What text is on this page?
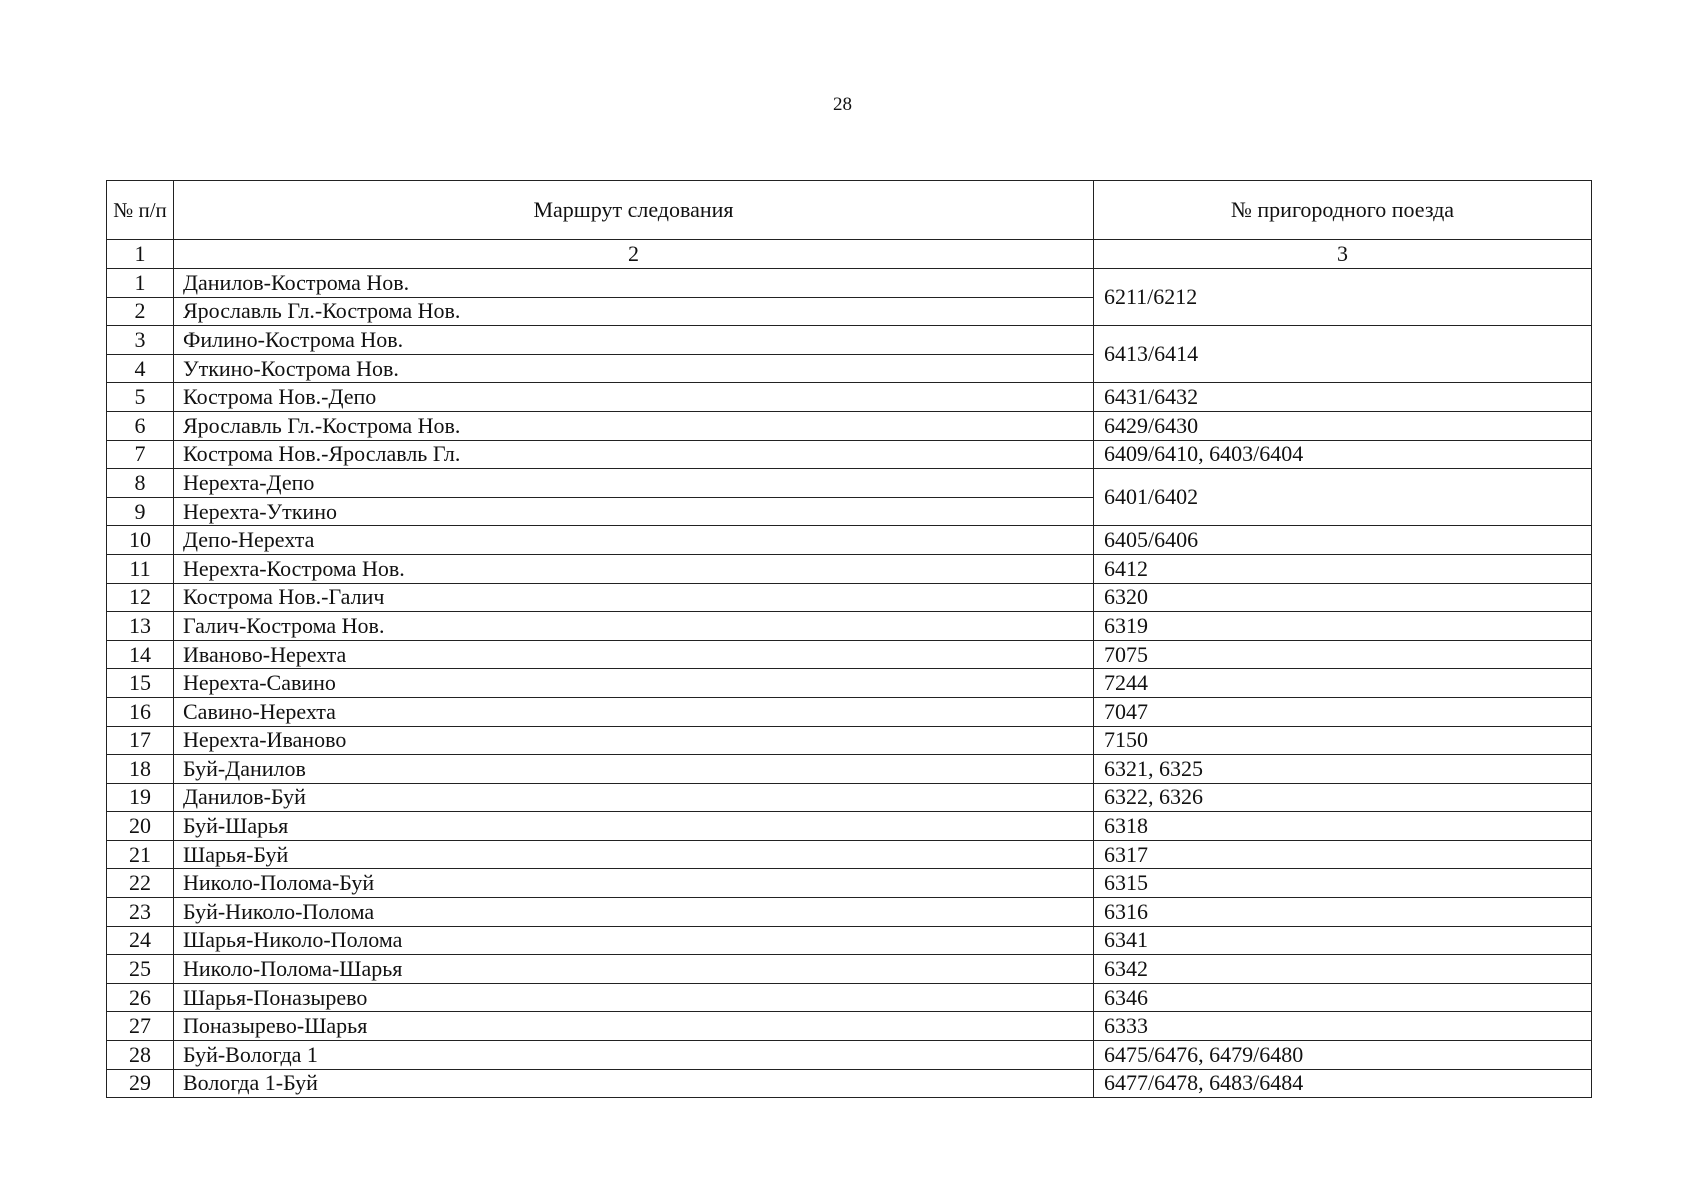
28
№ п/п	Маршрут следования	№ пригородного поезда
1	2	3
1	Данилов-Кострома Нов.	6211/6212
2	Ярославль Гл.-Кострома Нов.	
3	Филино-Кострома Нов.	6413/6414
4	Уткино-Кострома Нов.	
5	Кострома Нов.-Депо	6431/6432
6	Ярославль Гл.-Кострома Нов.	6429/6430
7	Кострома Нов.-Ярославль Гл.	6409/6410, 6403/6404
8	Нерехта-Депо	6401/6402
9	Нерехта-Уткино	
10	Депо-Нерехта	6405/6406
11	Нерехта-Кострома Нов.	6412
12	Кострома Нов.-Галич	6320
13	Галич-Кострома Нов.	6319
14	Иваново-Нерехта	7075
15	Нерехта-Савино	7244
16	Савино-Нерехта	7047
17	Нерехта-Иваново	7150
18	Буй-Данилов	6321, 6325
19	Данилов-Буй	6322, 6326
20	Буй-Шарья	6318
21	Шарья-Буй	6317
22	Николо-Полома-Буй	6315
23	Буй-Николо-Полома	6316
24	Шарья-Николо-Полома	6341
25	Николо-Полома-Шарья	6342
26	Шарья-Поназырево	6346
27	Поназырево-Шарья	6333
28	Буй-Вологда 1	6475/6476, 6479/6480
29	Вологда 1-Буй	6477/6478, 6483/6484
